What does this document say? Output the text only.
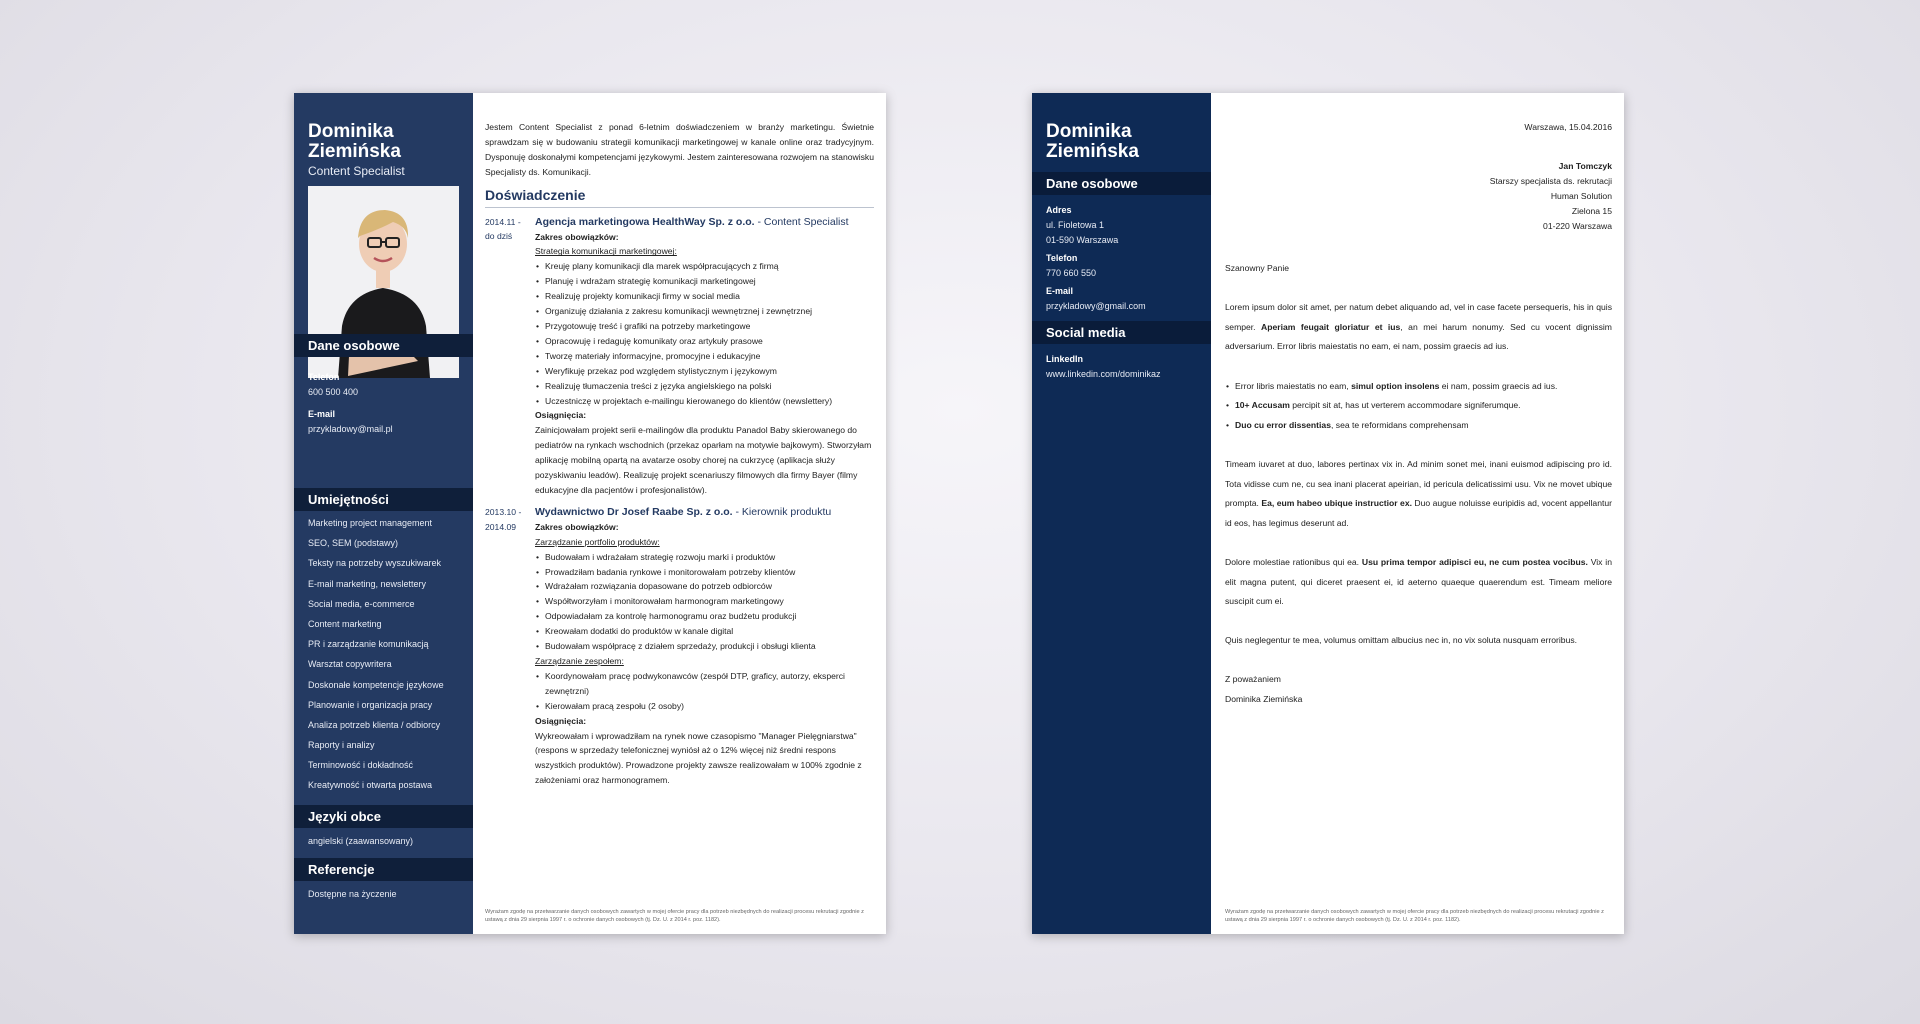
Dominika Ziemińska
Content Specialist
Dane osobowe
Telefon
600 500 400
E-mail
przykladowy@mail.pl
Umiejętności
Marketing project management
SEO, SEM (podstawy)
Teksty na potrzeby wyszukiwarek
E-mail marketing, newslettery
Social media, e-commerce
Content marketing
PR i zarządzanie komunikacją
Warsztat copywritera
Doskonałe kompetencje językowe
Planowanie i organizacja pracy
Analiza potrzeb klienta / odbiorcy
Raporty i analizy
Terminowość i dokładność
Kreatywność i otwarta postawa
Języki obce
angielski (zaawansowany)
Referencje
Dostępne na życzenie
Jestem Content Specialist z ponad 6-letnim doświadczeniem w branży marketingu. Świetnie sprawdzam się w budowaniu strategii komunikacji marketingowej w kanale online oraz tradycyjnym. Dysponuję doskonałymi kompetencjami językowymi. Jestem zainteresowana rozwojem na stanowisku Specjalisty ds. Komunikacji.
Doświadczenie
2014.11 - do dziś
Agencja marketingowa HealthWay Sp. z o.o. - Content Specialist
Zakres obowiązków:
Strategia komunikacji marketingowej:
• Kreuję plany komunikacji dla marek współpracujących z firmą
• Planuję i wdrażam strategię komunikacji marketingowej
• Realizuję projekty komunikacji firmy w social media
• Organizuję działania z zakresu komunikacji wewnętrznej i zewnętrznej
• Przygotowuję treść i grafiki na potrzeby marketingowe
• Opracowuję i redaguję komunikaty oraz artykuły prasowe
• Tworzę materiały informacyjne, promocyjne i edukacyjne
• Weryfikuję przekaz pod względem stylistycznym i językowym
• Realizuję tłumaczenia treści z języka angielskiego na polski
• Uczestniczę w projektach e-mailingu kierowanego do klientów (newslettery)
Osiągnięcia:
Zainicjowałam projekt serii e-mailingów dla produktu Panadol Baby skierowanego do pediatrów na rynkach wschodnich (przekaz oparłam na motywie bajkowym). Stworzyłam aplikację mobilną opartą na avatarze osoby chorej na cukrzycę (aplikacja służy pozyskiwaniu leadów). Realizuję projekt scenariuszy filmowych dla firmy Bayer (filmy edukacyjne dla pacjentów i profesjonalistów).
2013.10 - 2014.09
Wydawnictwo Dr Josef Raabe Sp. z o.o. - Kierownik produktu
Zakres obowiązków:
Zarządzanie portfolio produktów:
• Budowałam i wdrażałam strategię rozwoju marki i produktów
• Prowadziłam badania rynkowe i monitorowałam potrzeby klientów
• Wdrażałam rozwiązania dopasowane do potrzeb odbiorców
• Współtworzyłam i monitorowałam harmonogram marketingowy
• Odpowiadałam za kontrolę harmonogramu oraz budżetu produkcji
• Kreowałam dodatki do produktów w kanale digital
• Budowałam współpracę z działem sprzedaży, produkcji i obsługi klienta
Zarządzanie zespołem:
• Koordynowałam pracę podwykonawców (zespół DTP, graficy, autorzy, eksperci zewnętrzni)
• Kierowałam pracą zespołu (2 osoby)
Osiągnięcia:
Wykreowałam i wprowadziłam na rynek nowe czasopismo "Manager Pielęgniarstwa" (respons w sprzedaży telefonicznej wyniósł aż o 12% więcej niż średni respons wszystkich produktów). Prowadzone projekty zawsze realizowałam w 100% zgodnie z założeniami oraz harmonogramem.
Wyrażam zgodę na przetwarzanie danych osobowych zawartych w mojej ofercie pracy dla potrzeb niezbędnych do realizacji procesu rekrutacji zgodnie z ustawą z dnia 29 sierpnia 1997 r. o ochronie danych osobowych (tj. Dz. U. z 2014 r. poz. 1182).
Dominika Ziemińska
Dane osobowe
Adres
ul. Fioletowa 1
01-590 Warszawa
Telefon
770 660 550
E-mail
przykladowy@gmail.com
Social media
LinkedIn
www.linkedin.com/dominikaz
Warszawa, 15.04.2016
Jan Tomczyk
Starszy specjalista ds. rekrutacji
Human Solution
Zielona 15
01-220 Warszawa

Szanowny Panie

Lorem ipsum dolor sit amet, per natum debet aliquando ad, vel in case facete persequeris, his in quis semper. Aperiam feugait gloriatur et ius, an mei harum nonumy. Sed cu vocent dignissim adversarium. Error libris maiestatis no eam, ei nam, possim graecis ad ius.

• Error libris maiestatis no eam, simul option insolens ei nam, possim graecis ad ius.
• 10+ Accusam percipit sit at, has ut verterem accommodare signiferumque.
• Duo cu error dissentias, sea te reformidans comprehensam

Timeam iuvaret at duo, labores pertinax vix in. Ad minim sonet mei, inani euismod adipiscing pro id. Tota vidisse cum ne, cu sea inani placerat apeirian, id pericula delicatissimi usu. Vix ne movet ubique prompta. Ea, eum habeo ubique instructior ex. Duo augue noluisse euripidis ad, vocent appellantur id eos, has legimus deserunt ad.

Dolore molestiae rationibus qui ea. Usu prima tempor adipisci eu, ne cum postea vocibus. Vix in elit magna putent, qui diceret praesent ei, id aeterno quaeque quaerendum est. Timeam meliore suscipit cum ei.

Quis neglegentur te mea, volumus omittam albucius nec in, no vix soluta nusquam erroribus.

Z poważaniem
Dominika Ziemińska
Wyrażam zgodę na przetwarzanie danych osobowych zawartych w mojej ofercie pracy dla potrzeb niezbędnych do realizacji procesu rekrutacji zgodnie z ustawą z dnia 29 sierpnia 1997 r. o ochronie danych osobowych (tj. Dz. U. z 2014 r. poz. 1182).
